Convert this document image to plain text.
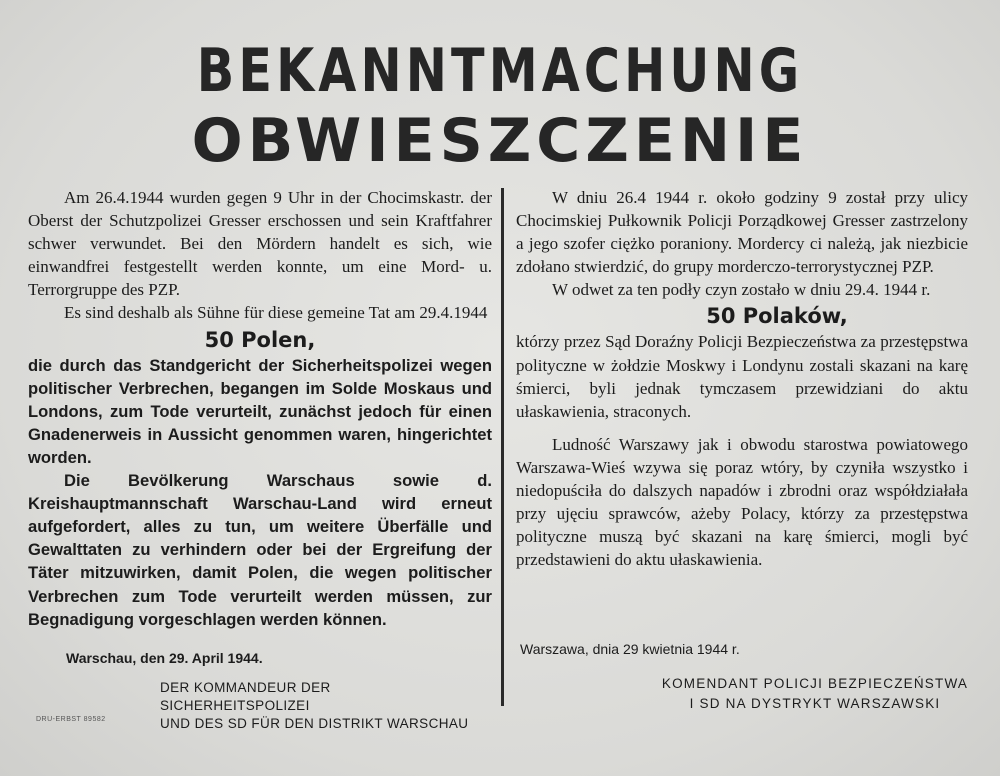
BEKANNTMACHUNG
OBWIESZCZENIE

Am 26.4.1944 wurden gegen 9 Uhr in der Chocimskastr. der Oberst der Schutzpolizei Gresser erschossen und sein Kraftfahrer schwer verwundet. Bei den Mördern handelt es sich, wie einwandfrei festgestellt werden konnte, um eine Mord- u. Terrorgruppe des PZP.

Es sind deshalb als Sühne für diese gemeine Tat am 29.4.1944

50 Polen,

die durch das Standgericht der Sicherheitspolizei wegen politischer Verbrechen, begangen im Solde Moskaus und Londons, zum Tode verurteilt, zunächst jedoch für einen Gnadenerweis in Aussicht genommen waren, hingerichtet worden.

Die Bevölkerung Warschaus sowie d. Kreishauptmannschaft Warschau-Land wird erneut aufgefordert, alles zu tun, um weitere Überfälle und Gewalttaten zu verhindern oder bei der Ergreifung der Täter mitzuwirken, damit Polen, die wegen politischer Verbrechen zum Tode verurteilt werden müssen, zur Begnadigung vorgeschlagen werden können.

W dniu 26.4 1944 r. około godziny 9 został przy ulicy Chocimskiej Pułkownik Policji Porządkowej Gresser zastrzelony a jego szofer ciężko poraniony. Mordercy ci należą, jak niezbicie zdołano stwierdzić, do grupy morderczo-terrorystycznej PZP.

W odwet za ten podły czyn zostało w dniu 29.4. 1944 r.

50 Polaków,

którzy przez Sąd Doraźny Policji Bezpieczeństwa za przestępstwa polityczne w żołdzie Moskwy i Londynu zostali skazani na karę śmierci, byli jednak tymczasem przewidziani do aktu ułaskawienia, straconych.

Ludność Warszawy jak i obwodu starostwa powiatowego Warszawa-Wieś wzywa się poraz wtóry, by czyniła wszystko i niedopuściła do dalszych napadów i zbrodni oraz współdziałała przy ujęciu sprawców, ażeby Polacy, którzy za przestępstwa polityczne muszą być skazani na karę śmierci, mogli być przedstawieni do aktu ułaskawienia.

Warschau, den 29. April 1944.
Warszawa, dnia 29 kwietnia 1944 r.
DER KOMMANDEUR DER SICHERHEITSPOLIZEI
UND DES SD FÜR DEN DISTRIKT WARSCHAU
KOMENDANT POLICJI BEZPIECZEŃSTWA
I SD NA DYSTRYKT WARSZAWSKI
DRU-ERBST 89582
